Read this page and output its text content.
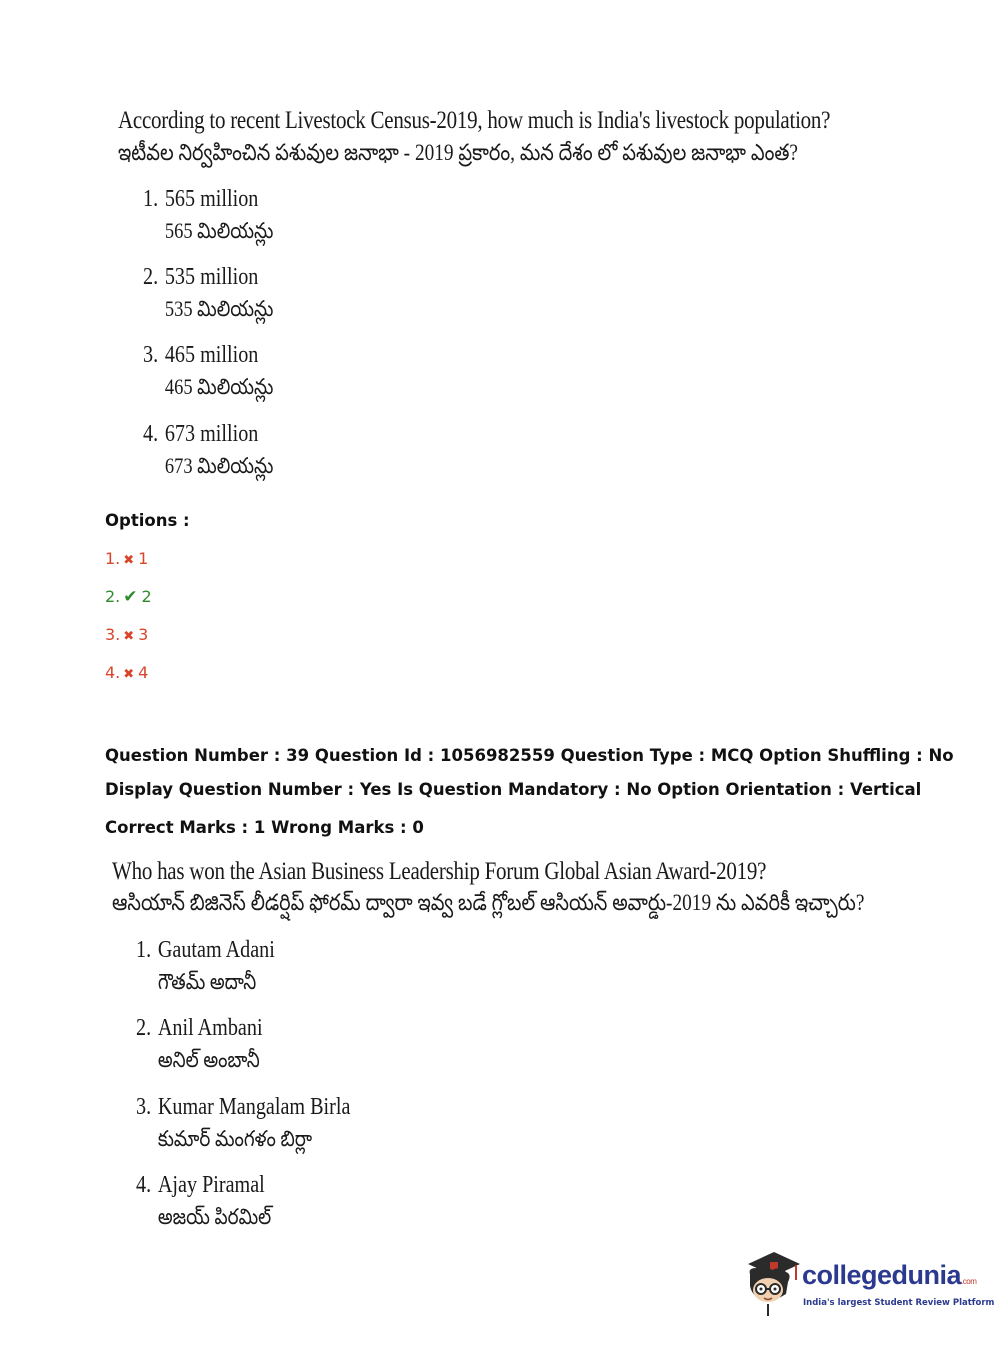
According to recent Livestock Census-2019, how much is India's livestock population?
ఇటీవల నిర్వహించిన పశువుల జనాభా - 2019 ప్రకారం, మన దేశం లో పశువుల జనాభా ఎంత?
1. 565 million
565 మిలియన్లు
2. 535 million
535 మిలియన్లు
3. 465 million
465 మిలియన్లు
4. 673 million
673 మిలియన్లు
Options :
1. ✖ 1
2. ✔ 2
3. ✖ 3
4. ✖ 4
Question Number : 39 Question Id : 1056982559 Question Type : MCQ Option Shuffling : No
Display Question Number : Yes Is Question Mandatory : No Option Orientation : Vertical
Correct Marks : 1 Wrong Marks : 0
Who has won the Asian Business Leadership Forum Global Asian Award-2019?
ఆసియాన్ బిజినెస్ లీడర్షిప్ ఫోరమ్ ద్వారా ఇవ్వ బడే గ్లోబల్ ఆసియన్ అవార్డు-2019 ను ఎవరికీ ఇచ్చారు?
1. Gautam Adani
గౌతమ్ అదానీ
2. Anil Ambani
అనిల్ అంబానీ
3. Kumar Mangalam Birla
కుమార్ మంగళం బిర్లా
4. Ajay Piramal
అజయ్ పిరమిల్
collegedunia.com
India's largest Student Review Platform
